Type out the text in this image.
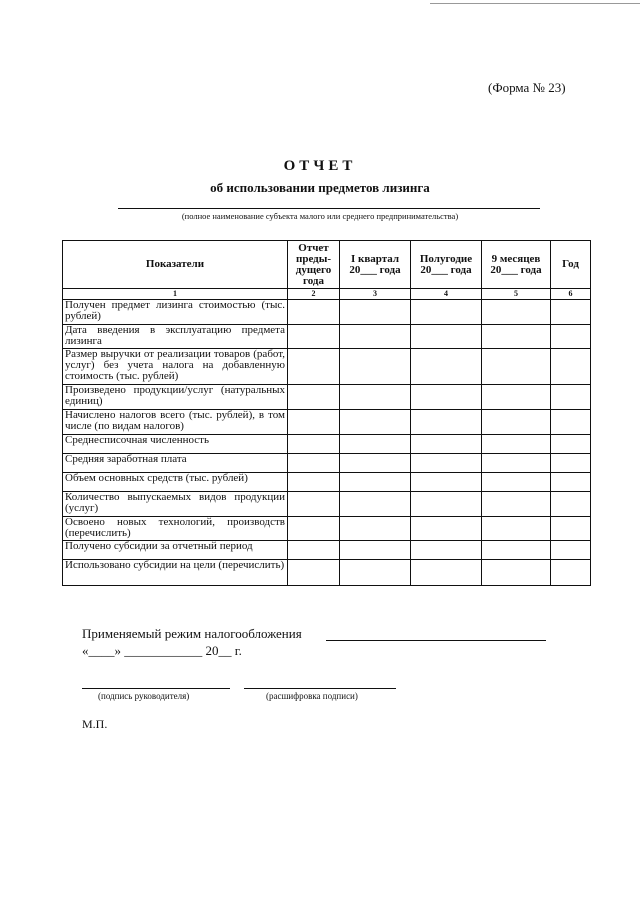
(Форма № 23)
ОТЧЕТ
об использовании предметов лизинга
(полное наименование субъекта малого или среднего предпринимательства)
Показатели	Отчет преды-дущего года	I квартал 20___ года	Полугодие 20___ года	9 месяцев 20___ года	Год
1	2	3	4	5	6
Получен предмет лизинга стоимостью (тыс. рублей)					
Дата введения в эксплуатацию предмета лизинга					
Размер выручки от реализации товаров (работ, услуг) без учета налога на добавленную стоимость (тыс. рублей)					
Произведено продукции/услуг (натуральных единиц)					
Начислено налогов всего (тыс. рублей), в том числе (по видам налогов)					
Среднесписочная численность					
Средняя заработная плата					
Объем основных средств (тыс. рублей)					
Количество выпускаемых видов продукции (услуг)					
Освоено новых технологий, производств (перечислить)					
Получено субсидии за отчетный период					
Использовано субсидии на цели (перечислить)					
Применяемый режим налогообложения
«____» ____________ 20__ г.
(подпись руководителя)	(расшифровка подписи)
М.П.
